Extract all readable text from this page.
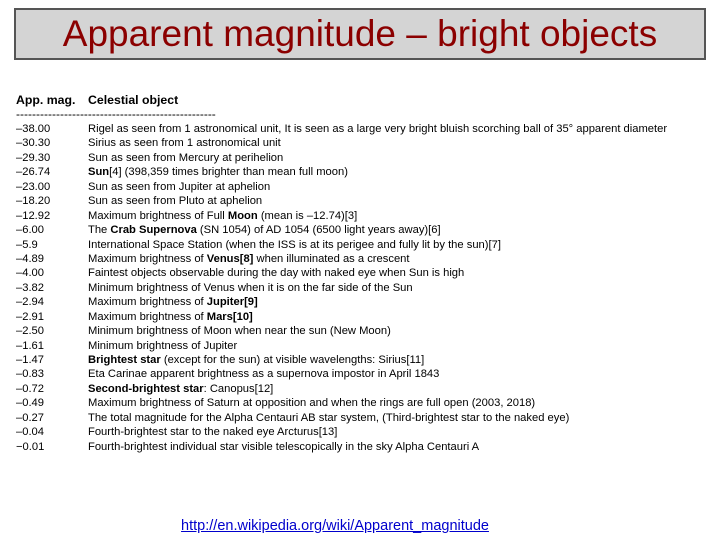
Apparent magnitude – bright objects
App. mag.	Celestial object
--------------------------------------------------
–38.00	Rigel as seen from 1 astronomical unit, It is seen as a large very bright bluish scorching ball of 35° apparent diameter
–30.30	Sirius as seen from 1 astronomical unit
–29.30	Sun as seen from Mercury at perihelion
–26.74	Sun[4] (398,359 times brighter than mean full moon)
–23.00	Sun as seen from Jupiter at aphelion
–18.20	Sun as seen from Pluto at aphelion
–12.92	Maximum brightness of Full Moon (mean is –12.74)[3]
–6.00	The Crab Supernova (SN 1054) of AD 1054 (6500 light years away)[6]
–5.9	International Space Station (when the ISS is at its perigee and fully lit by the sun)[7]
–4.89	Maximum brightness of Venus[8] when illuminated as a crescent
–4.00	Faintest objects observable during the day with naked eye when Sun is high
–3.82	Minimum brightness of Venus when it is on the far side of the Sun
–2.94	Maximum brightness of Jupiter[9]
–2.91	Maximum brightness of Mars[10]
–2.50	Minimum brightness of Moon when near the sun (New Moon)
–1.61	Minimum brightness of Jupiter
–1.47	Brightest star (except for the sun) at visible wavelengths: Sirius[11]
–0.83	Eta Carinae apparent brightness as a supernova impostor in April 1843
–0.72	Second-brightest star: Canopus[12]
–0.49	Maximum brightness of Saturn at opposition and when the rings are full open (2003, 2018)
–0.27	The total magnitude for the Alpha Centauri AB star system, (Third-brightest star to the naked eye)
–0.04	Fourth-brightest star to the naked eye Arcturus[13]
−0.01	Fourth-brightest individual star visible telescopically in the sky Alpha Centauri A
http://en.wikipedia.org/wiki/Apparent_magnitude
